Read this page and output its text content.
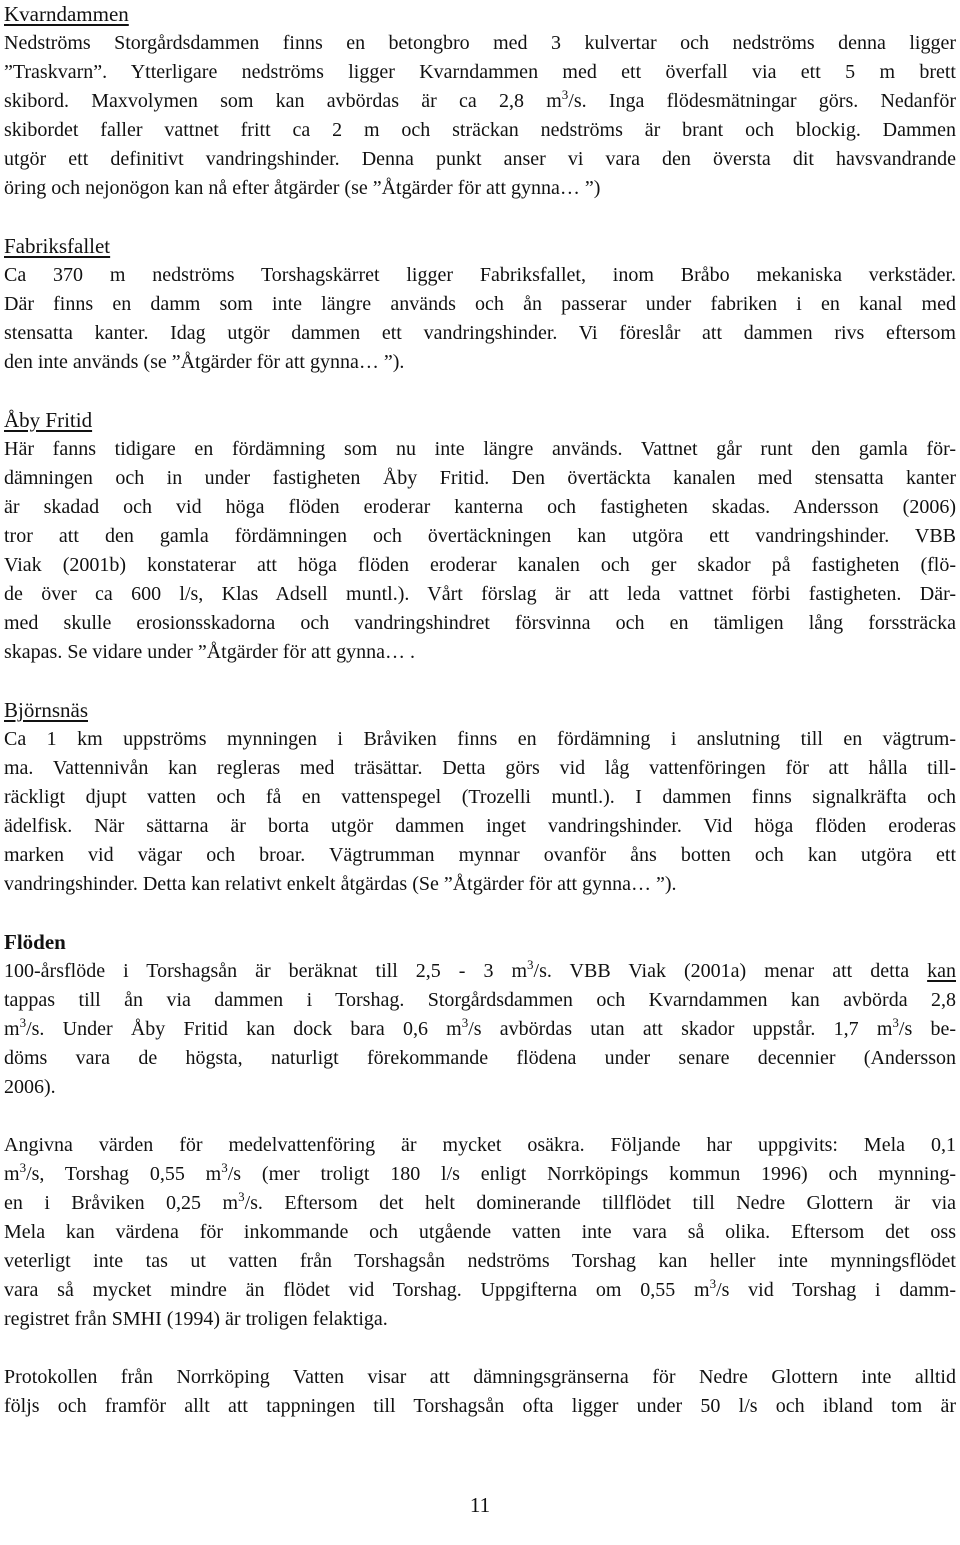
Kvarndammen

Nedströms Storgårdsdammen finns en betongbro med 3 kulvertar och nedströms denna ligger
”Traskvarn”. Ytterligare nedströms ligger Kvarndammen med ett överfall via ett 5 m brett
skibord. Maxvolymen som kan avbördas är ca 2,8 $m^3/s$. Inga flödesmätningar görs. Nedanför
skibordet faller vattnet fritt ca 2 m och sträckan nedströms är brant och blockig. Dammen
utgör ett definitivt vandringshinder. Denna punkt anser vi vara den översta dit havsvandrande
öring och nejonögon kan nå efter åtgärder (se ”Åtgärder för att gynna… ”)

Fabriksfallet

Ca 370 m nedströms Torshagskärret ligger Fabriksfallet, inom Bråbo mekaniska verkstäder.
Där finns en damm som inte längre används och ån passerar under fabriken i en kanal med
stensatta kanter. Idag utgör dammen ett vandringshinder. Vi föreslår att dammen rivs eftersom
den inte används (se ”Åtgärder för att gynna… ”).

Åby Fritid

Här fanns tidigare en fördämning som nu inte längre används. Vattnet går runt den gamla för-
dämningen och in under fastigheten Åby Fritid. Den övertäckta kanalen med stensatta kanter
är skadad och vid höga flöden eroderar kanterna och fastigheten skadas. Andersson (2006)
tror att den gamla fördämningen och övertäckningen kan utgöra ett vandringshinder. VBB
Viak (2001b) konstaterar att höga flöden eroderar kanalen och ger skador på fastigheten (flö-
de över ca 600 l/s, Klas Adsell muntl.). Vårt förslag är att leda vattnet förbi fastigheten. Där-
med skulle erosionsskadorna och vandringshindret försvinna och en tämligen lång forssträcka
skapas. Se vidare under ”Åtgärder för att gynna… .

Björnsnäs

Ca 1 km uppströms mynningen i Bråviken finns en fördämning i anslutning till en vägtrum-
ma. Vattennivån kan regleras med träsättar. Detta görs vid låg vattenföringen för att hålla till-
räckligt djupt vatten och få en vattenspegel (Trozelli muntl.). I dammen finns signalkräfta och
ädelfisk. När sättarna är borta utgör dammen inget vandringshinder. Vid höga flöden eroderas
marken vid vägar och broar. Vägtrumman mynnar ovanför åns botten och kan utgöra ett
vandringshinder. Detta kan relativt enkelt åtgärdas (Se ”Åtgärder för att gynna… ”).

Flöden

100-årsflöde i Torshagsån är beräknat till 2,5 - 3 $m^3/s$. VBB Viak (2001a) menar att detta kan
tappas till ån via dammen i Torshag. Storgårdsdammen och Kvarndammen kan avbörda 2,8
$m^3/s$. Under Åby Fritid kan dock bara 0,6 $m^3/s$ avbördas utan att skador uppstår. 1,7 $m^3/s$ be-
döms vara de högsta, naturligt förekommande flödena under senare decennier (Andersson
2006).

Angivna värden för medelvattenföring är mycket osäkra. Följande har uppgivits: Mela 0,1
$m^3/s$, Torshag 0,55 $m^3/s$ (mer troligt 180 l/s enligt Norrköpings kommun 1996) och mynning-
en i Bråviken 0,25 $m^3/s$. Eftersom det helt dominerande tillflödet till Nedre Glottern är via
Mela kan värdena för inkommande och utgående vatten inte vara så olika. Eftersom det oss
veterligt inte tas ut vatten från Torshagsån nedströms Torshag kan heller inte mynningsflödet
vara så mycket mindre än flödet vid Torshag. Uppgifterna om 0,55 $m^3/s$ vid Torshag i damm-
registret från SMHI (1994) är troligen felaktiga.

Protokollen från Norrköping Vatten visar att dämningsgränserna för Nedre Glottern inte alltid
följs och framför allt att tappningen till Torshagsån ofta ligger under 50 l/s och ibland tom är

11
